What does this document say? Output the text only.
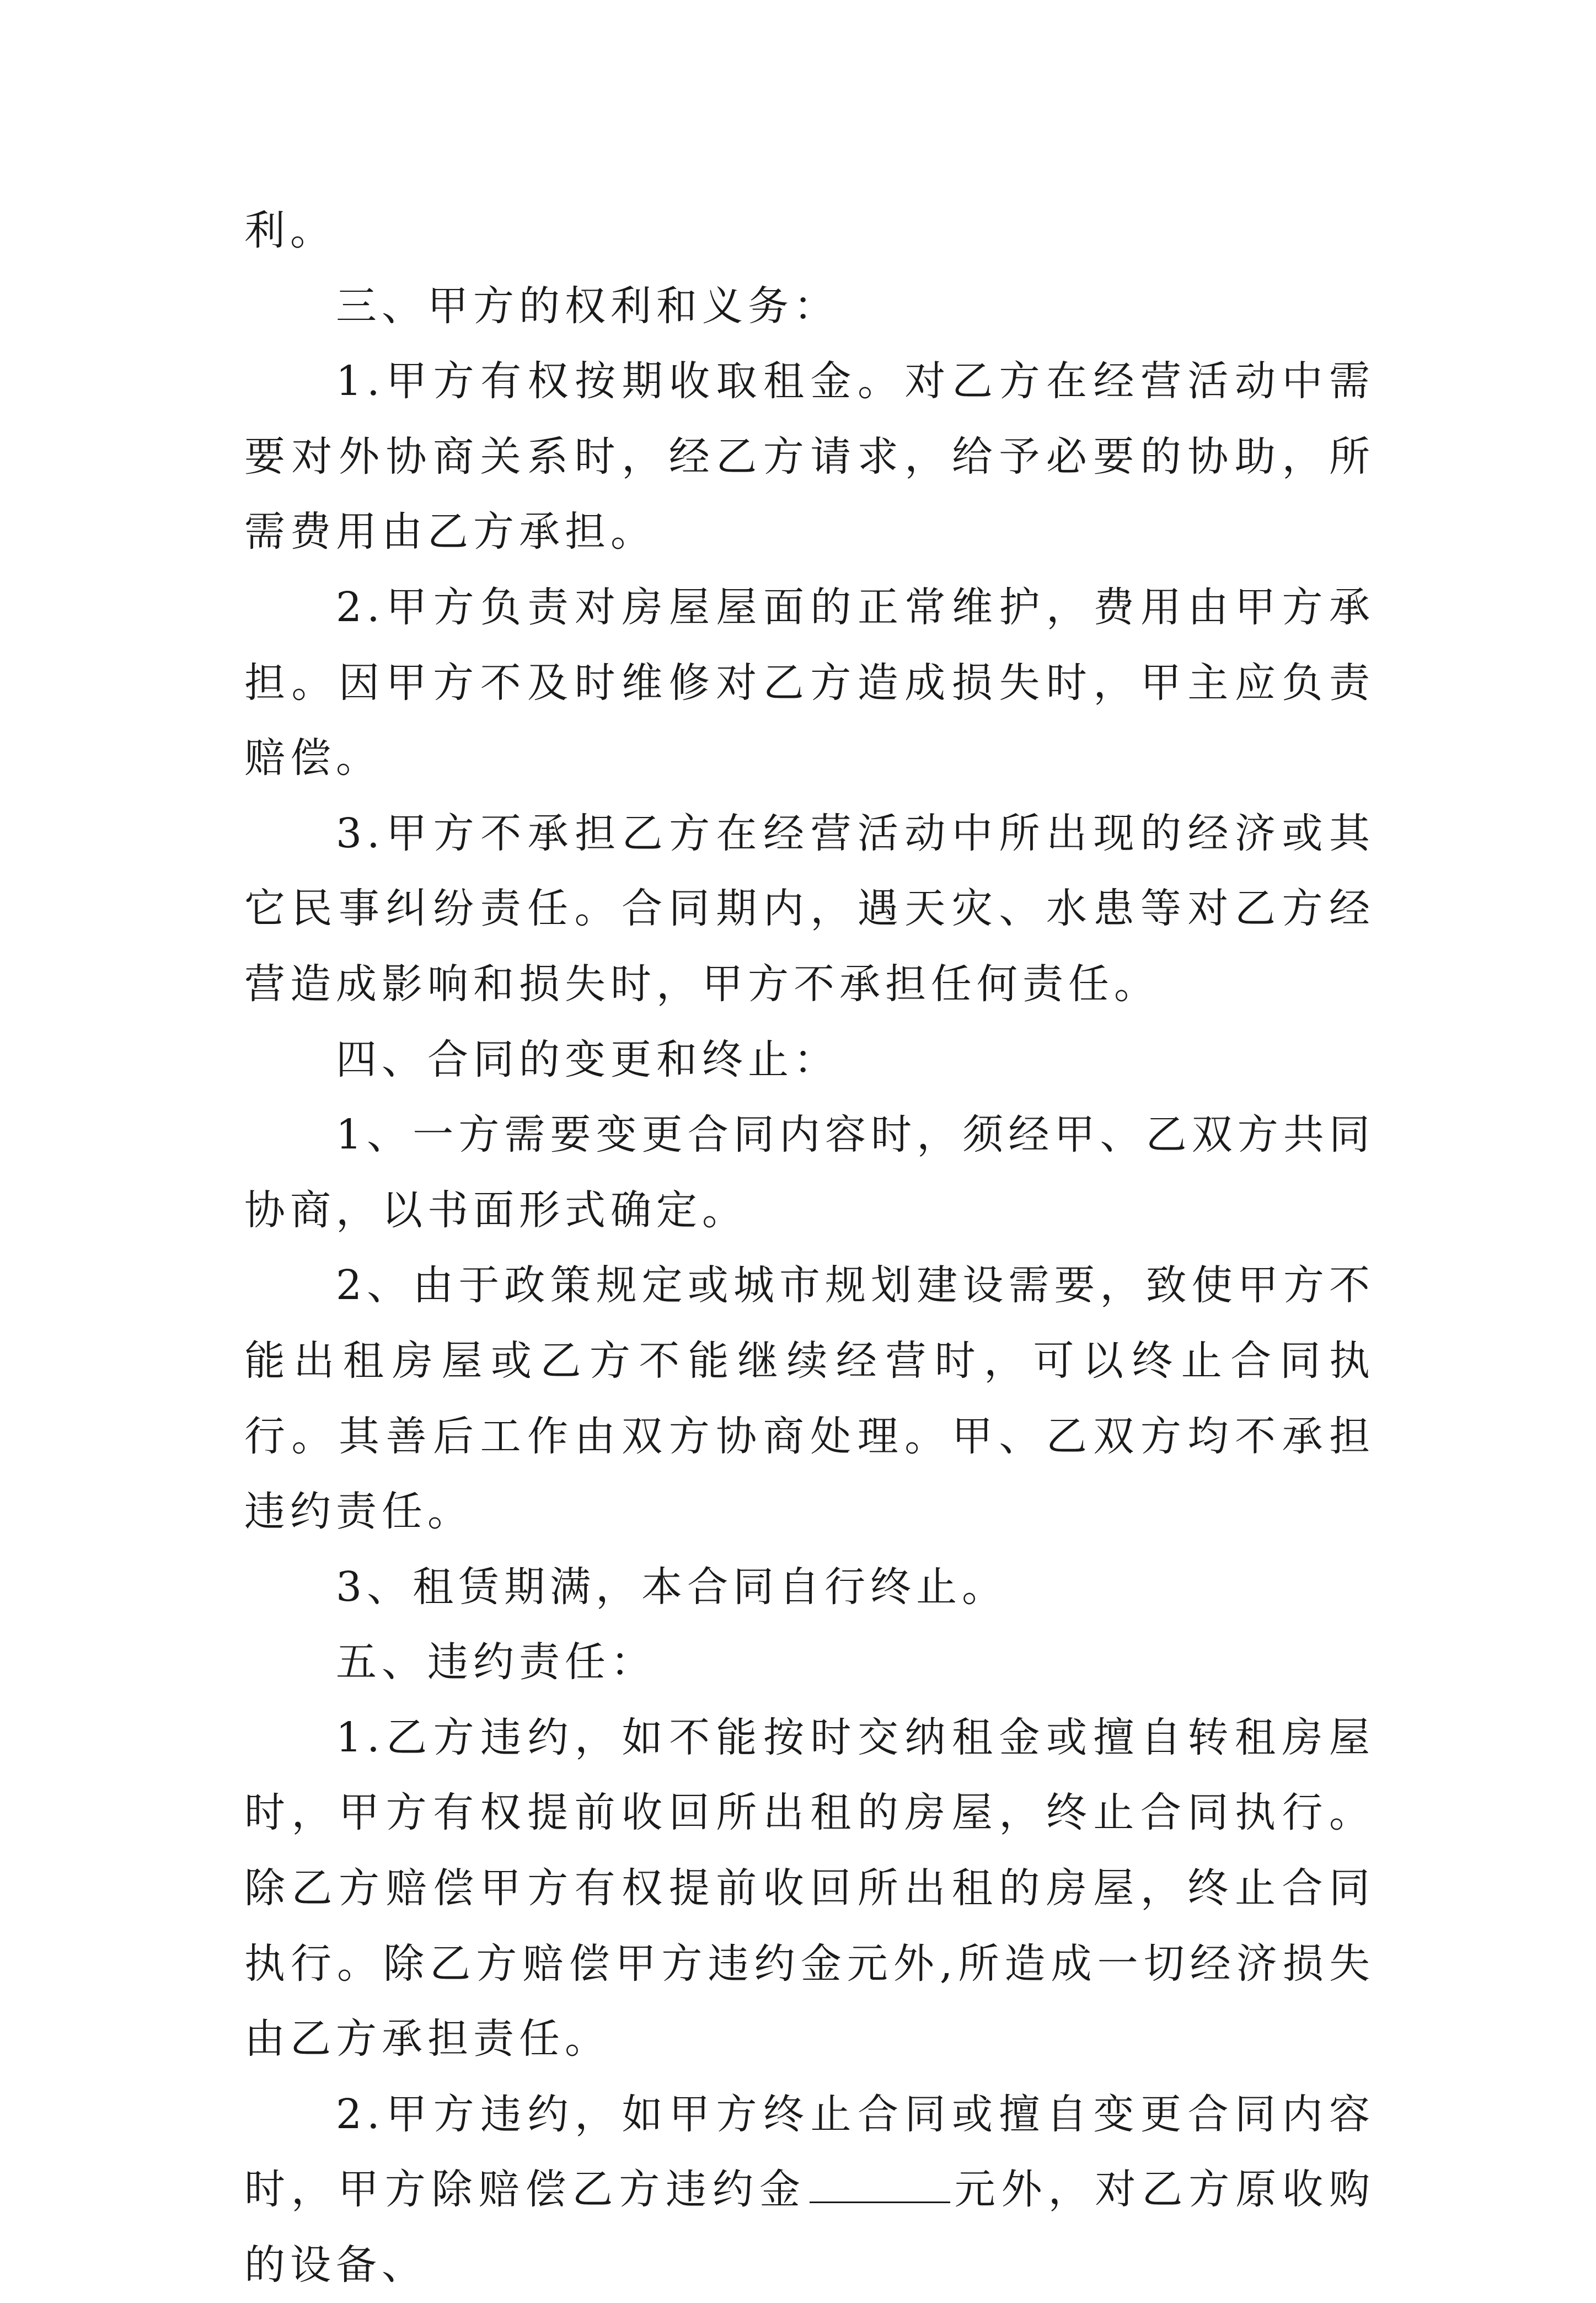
利。

三、甲方的权利和义务：

1.甲方有权按期收取租金。对乙方在经营活动中需要对外协商关系时，经乙方请求，给予必要的协助，所需费用由乙方承担。

2.甲方负责对房屋屋面的正常维护，费用由甲方承担。因甲方不及时维修对乙方造成损失时，甲主应负责赔偿。

3.甲方不承担乙方在经营活动中所出现的经济或其它民事纠纷责任。合同期内，遇天灾、水患等对乙方经营造成影响和损失时，甲方不承担任何责任。

四、合同的变更和终止：

1、一方需要变更合同内容时，须经甲、乙双方共同协商，以书面形式确定。

2、由于政策规定或城市规划建设需要，致使甲方不能出租房屋或乙方不能继续经营时，可以终止合同执行。其善后工作由双方协商处理。甲、乙双方均不承担违约责任。

3、租赁期满，本合同自行终止。

五、违约责任：

1.乙方违约，如不能按时交纳租金或擅自转租房屋时，甲方有权提前收回所出租的房屋，终止合同执行。除乙方赔偿甲方有权提前收回所出租的房屋，终止合同执行。除乙方赔偿甲方违约金元外,所造成一切经济损失由乙方承担责任。

2.甲方违约，如甲方终止合同或擅自变更合同内容时，甲方除赔偿乙方违约金	元外，对乙方原收购的设备、
